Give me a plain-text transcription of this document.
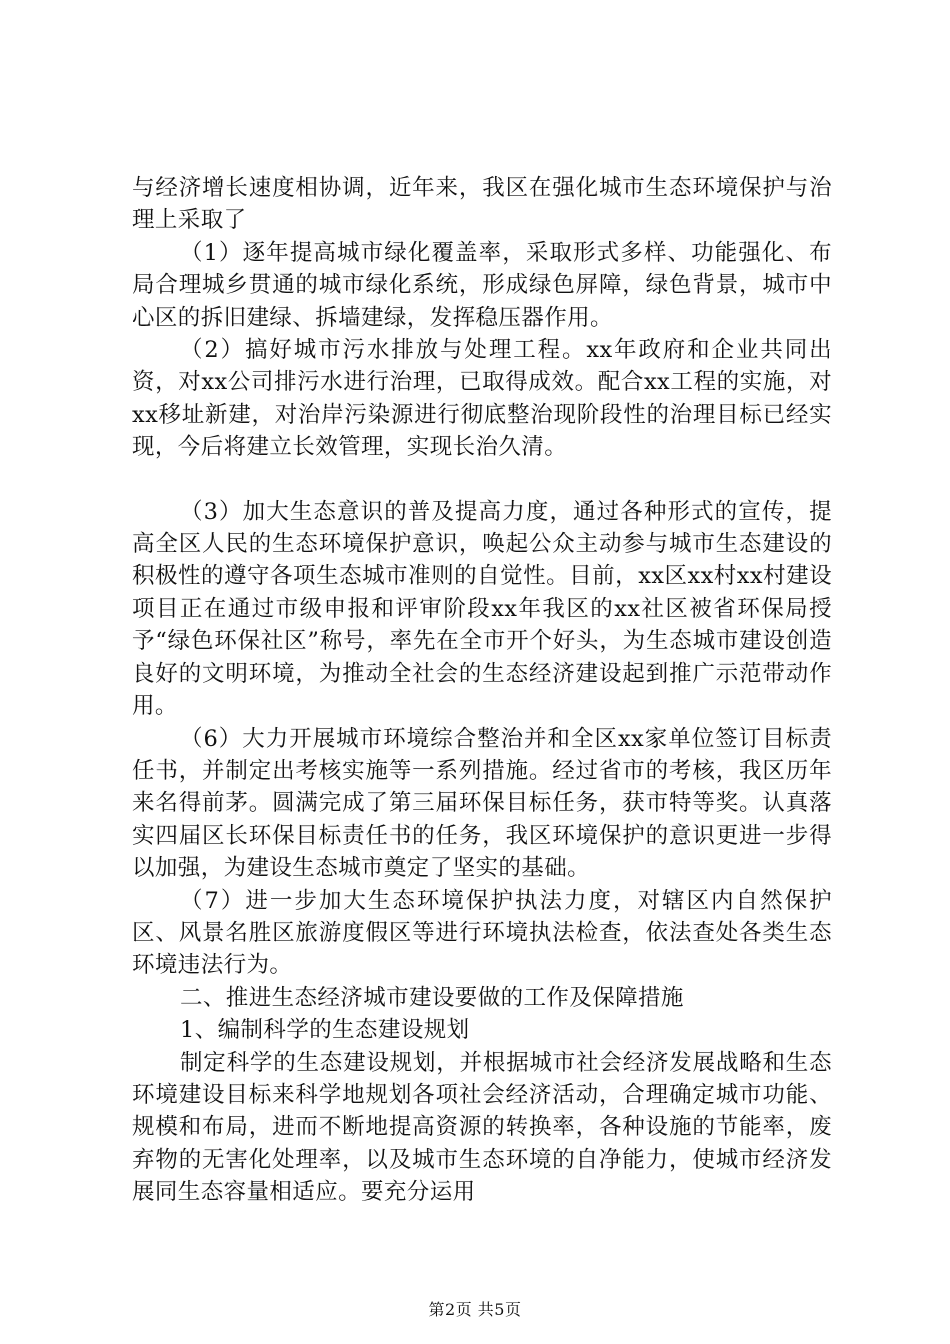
与经济增长速度相协调，近年来，我区在强化城市生态环境保护与治理上采取了

（1）逐年提高城市绿化覆盖率，采取形式多样、功能强化、布局合理城乡贯通的城市绿化系统，形成绿色屏障，绿色背景，城市中心区的拆旧建绿、拆墙建绿，发挥稳压器作用。

（2）搞好城市污水排放与处理工程。xx年政府和企业共同出资，对xx公司排污水进行治理，已取得成效。配合xx工程的实施，对xx移址新建，对治岸污染源进行彻底整治现阶段性的治理目标已经实现，今后将建立长效管理，实现长治久清。

（3）加大生态意识的普及提高力度，通过各种形式的宣传，提高全区人民的生态环境保护意识，唤起公众主动参与城市生态建设的积极性的遵守各项生态城市准则的自觉性。目前，xx区xx村xx村建设项目正在通过市级申报和评审阶段xx年我区的xx社区被省环保局授予“绿色环保社区”称号，率先在全市开个好头，为生态城市建设创造良好的文明环境，为推动全社会的生态经济建设起到推广示范带动作用。

（6）大力开展城市环境综合整治并和全区xx家单位签订目标责任书，并制定出考核实施等一系列措施。经过省市的考核，我区历年来名得前茅。圆满完成了第三届环保目标任务，获市特等奖。认真落实四届区长环保目标责任书的任务，我区环境保护的意识更进一步得以加强，为建设生态城市奠定了坚实的基础。

（7）进一步加大生态环境保护执法力度，对辖区内自然保护区、风景名胜区旅游度假区等进行环境执法检查，依法查处各类生态环境违法行为。

二、推进生态经济城市建设要做的工作及保障措施

1、编制科学的生态建设规划

制定科学的生态建设规划，并根据城市社会经济发展战略和生态环境建设目标来科学地规划各项社会经济活动，合理确定城市功能、规模和布局，进而不断地提高资源的转换率，各种设施的节能率，废弃物的无害化处理率，以及城市生态环境的自净能力，使城市经济发展同生态容量相适应。要充分运用

第2页 共5页
